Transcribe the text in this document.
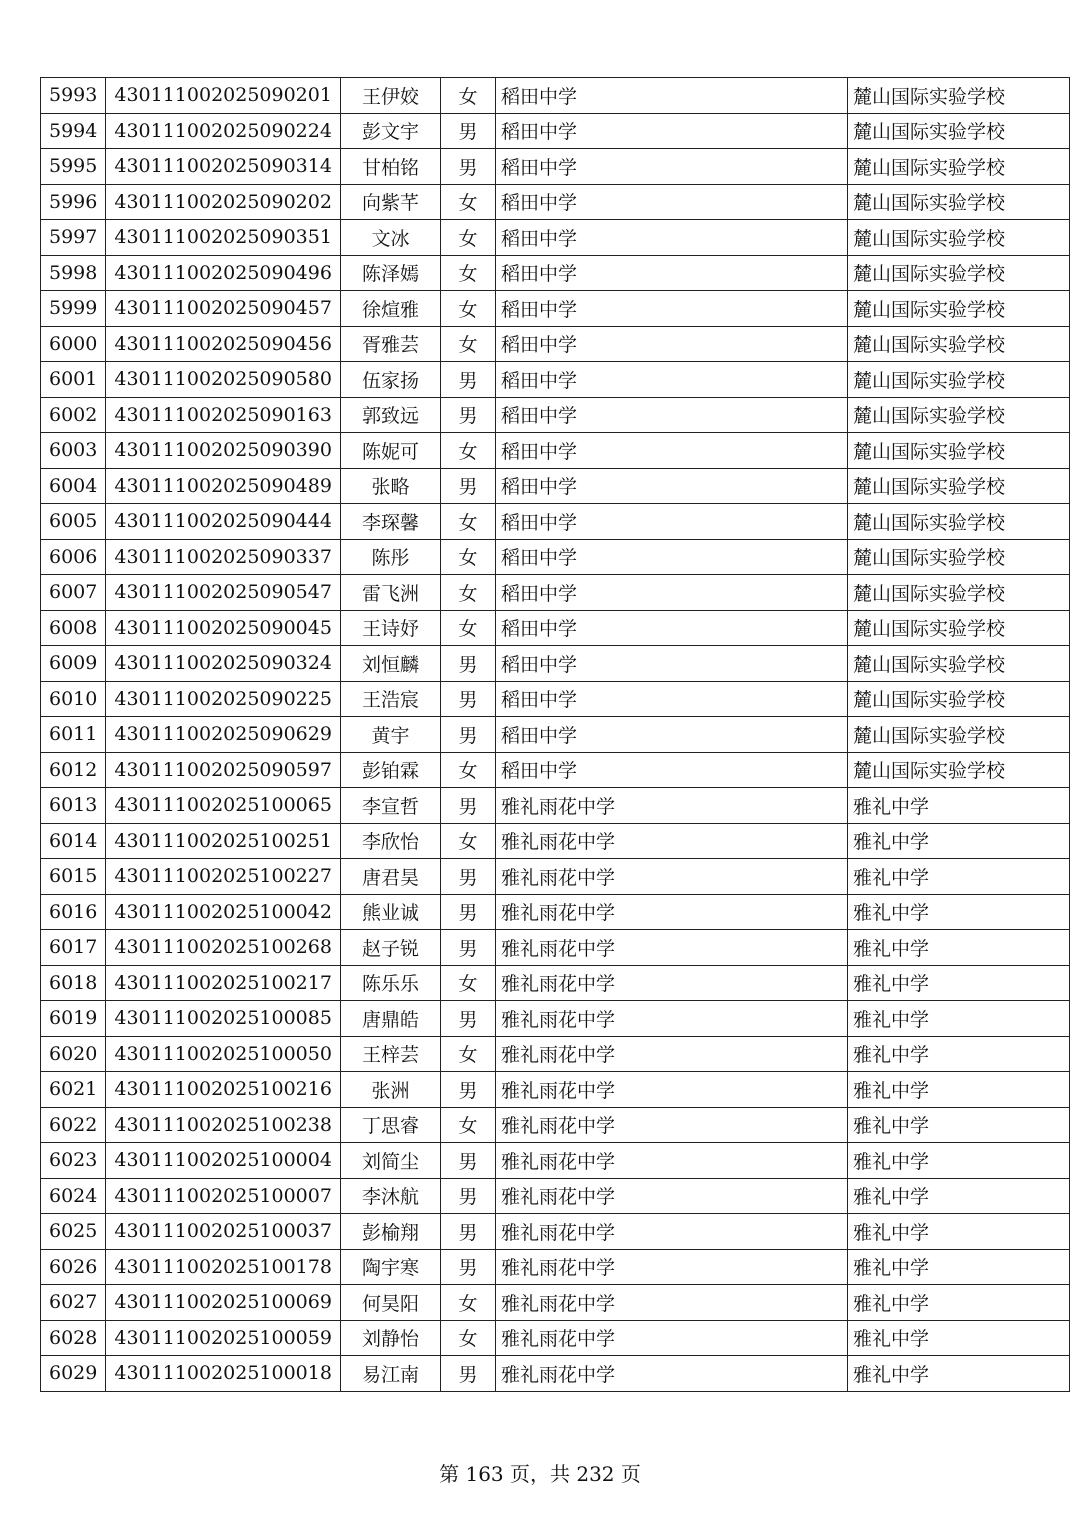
5993	430111002025090201	王伊姣	女	稻田中学	麓山国际实验学校
5994	430111002025090224	彭文宇	男	稻田中学	麓山国际实验学校
5995	430111002025090314	甘柏铭	男	稻田中学	麓山国际实验学校
5996	430111002025090202	向紫芊	女	稻田中学	麓山国际实验学校
5997	430111002025090351	文冰	女	稻田中学	麓山国际实验学校
5998	430111002025090496	陈泽嫣	女	稻田中学	麓山国际实验学校
5999	430111002025090457	徐煊雅	女	稻田中学	麓山国际实验学校
6000	430111002025090456	胥雅芸	女	稻田中学	麓山国际实验学校
6001	430111002025090580	伍家扬	男	稻田中学	麓山国际实验学校
6002	430111002025090163	郭致远	男	稻田中学	麓山国际实验学校
6003	430111002025090390	陈妮可	女	稻田中学	麓山国际实验学校
6004	430111002025090489	张略	男	稻田中学	麓山国际实验学校
6005	430111002025090444	李琛馨	女	稻田中学	麓山国际实验学校
6006	430111002025090337	陈彤	女	稻田中学	麓山国际实验学校
6007	430111002025090547	雷飞洲	女	稻田中学	麓山国际实验学校
6008	430111002025090045	王诗妤	女	稻田中学	麓山国际实验学校
6009	430111002025090324	刘恒麟	男	稻田中学	麓山国际实验学校
6010	430111002025090225	王浩宸	男	稻田中学	麓山国际实验学校
6011	430111002025090629	黄宇	男	稻田中学	麓山国际实验学校
6012	430111002025090597	彭铂霖	女	稻田中学	麓山国际实验学校
6013	430111002025100065	李宣哲	男	雅礼雨花中学	雅礼中学
6014	430111002025100251	李欣怡	女	雅礼雨花中学	雅礼中学
6015	430111002025100227	唐君昊	男	雅礼雨花中学	雅礼中学
6016	430111002025100042	熊业诚	男	雅礼雨花中学	雅礼中学
6017	430111002025100268	赵子锐	男	雅礼雨花中学	雅礼中学
6018	430111002025100217	陈乐乐	女	雅礼雨花中学	雅礼中学
6019	430111002025100085	唐鼎皓	男	雅礼雨花中学	雅礼中学
6020	430111002025100050	王梓芸	女	雅礼雨花中学	雅礼中学
6021	430111002025100216	张洲	男	雅礼雨花中学	雅礼中学
6022	430111002025100238	丁思睿	女	雅礼雨花中学	雅礼中学
6023	430111002025100004	刘简尘	男	雅礼雨花中学	雅礼中学
6024	430111002025100007	李沐航	男	雅礼雨花中学	雅礼中学
6025	430111002025100037	彭榆翔	男	雅礼雨花中学	雅礼中学
6026	430111002025100178	陶宇寒	男	雅礼雨花中学	雅礼中学
6027	430111002025100069	何昊阳	女	雅礼雨花中学	雅礼中学
6028	430111002025100059	刘静怡	女	雅礼雨花中学	雅礼中学
6029	430111002025100018	易江南	男	雅礼雨花中学	雅礼中学
第 163 页，共 232 页
